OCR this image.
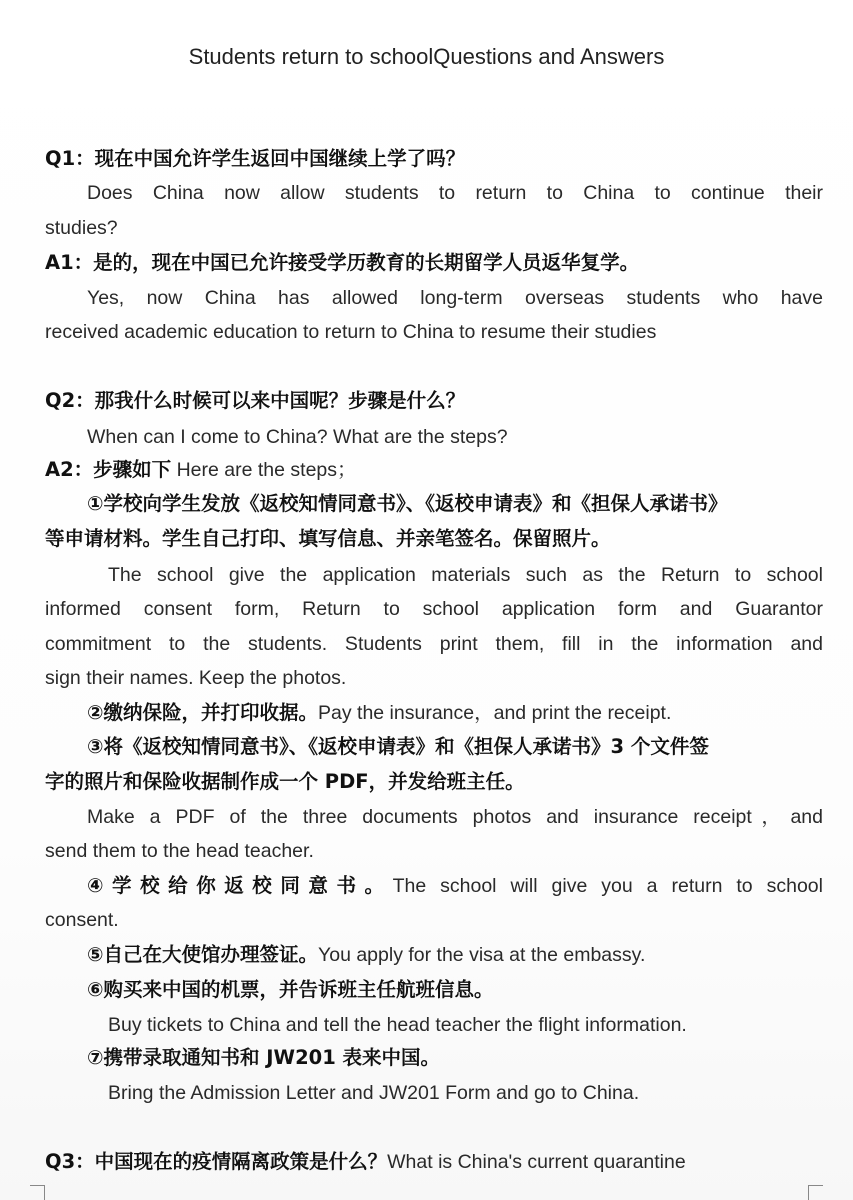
Students return to schoolQuestions and Answers
Q1：现在中国允许学生返回中国继续上学了吗？
Does China now allow students to return to China to continue their
studies?
A1：是的，现在中国已允许接受学历教育的长期留学人员返华复学。
Yes, now China has allowed long-term overseas students who have
received academic education to return to China to resume their studies
Q2：那我什么时候可以来中国呢？步骤是什么？
When can I come to China? What are the steps?
A2：步骤如下 Here are the steps；
①学校向学生发放《返校知情同意书》、《返校申请表》和《担保人承诺书》
等申请材料。学生自己打印、填写信息、并亲笔签名。保留照片。
The school give the application materials such as the Return to school
informed consent form, Return to school application form and Guarantor
commitment to the students. Students print them, fill in the information and
sign their names. Keep the photos.
②缴纳保险，并打印收据。Pay the insurance，and print the receipt.
③将《返校知情同意书》、《返校申请表》和《担保人承诺书》3 个文件签
字的照片和保险收据制作成一个 PDF，并发给班主任。
Make a PDF of the three documents photos and insurance receipt，and
send them to the head teacher.
④学校给你返校同意书。The school will give you a return to school
consent.
⑤自己在大使馆办理签证。You apply for the visa at the embassy.
⑥购买来中国的机票，并告诉班主任航班信息。
Buy tickets to China and tell the head teacher the flight information.
⑦携带录取通知书和 JW201 表来中国。
Bring the Admission Letter and JW201 Form and go to China.
Q3：中国现在的疫情隔离政策是什么？What is China's current quarantine
